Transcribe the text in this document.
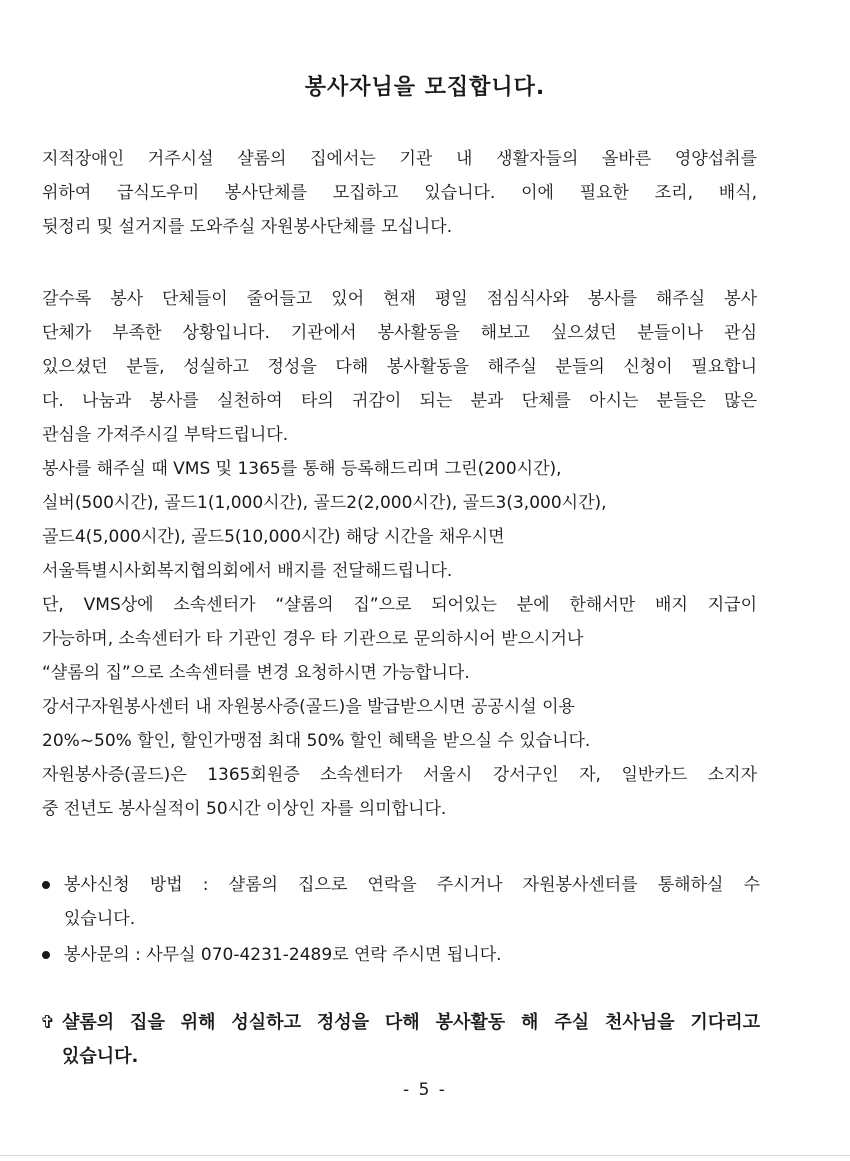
봉사자님을 모집합니다.

지적장애인 거주시설 샬롬의 집에서는 기관 내 생활자들의 올바른 영양섭취를
위하여 급식도우미 봉사단체를 모집하고 있습니다. 이에 필요한 조리, 배식,
뒷정리 및 설거지를 도와주실 자원봉사단체를 모십니다.

갈수록 봉사 단체들이 줄어들고 있어 현재 평일 점심식사와 봉사를 해주실 봉사
단체가 부족한 상황입니다. 기관에서 봉사활동을 해보고 싶으셨던 분들이나 관심
있으셨던 분들, 성실하고 정성을 다해 봉사활동을 해주실 분들의 신청이 필요합니
다. 나눔과 봉사를 실천하여 타의 귀감이 되는 분과 단체를 아시는 분들은 많은
관심을 가져주시길 부탁드립니다.
봉사를 해주실 때 VMS 및 1365를 통해 등록해드리며 그린(200시간),
실버(500시간), 골드1(1,000시간), 골드2(2,000시간), 골드3(3,000시간),
골드4(5,000시간), 골드5(10,000시간) 해당 시간을 채우시면
서울특별시사회복지협의회에서 배지를 전달해드립니다.
단, VMS상에 소속센터가 “샬롬의 집”으로 되어있는 분에 한해서만 배지 지급이
가능하며, 소속센터가 타 기관인 경우 타 기관으로 문의하시어 받으시거나
“샬롬의 집”으로 소속센터를 변경 요청하시면 가능합니다.
강서구자원봉사센터 내 자원봉사증(골드)을 발급받으시면 공공시설 이용
20%~50% 할인, 할인가맹점 최대 50% 할인 혜택을 받으실 수 있습니다.
자원봉사증(골드)은 1365회원증 소속센터가 서울시 강서구인 자, 일반카드 소지자
중 전년도 봉사실적이 50시간 이상인 자를 의미합니다.

봉사신청 방법 : 샬롬의 집으로 연락을 주시거나 자원봉사센터를 통해하실 수
있습니다.
봉사문의 : 사무실 070-4231-2489로 연락 주시면 됩니다.
✞ 샬롬의 집을 위해 성실하고 정성을 다해 봉사활동 해 주실 천사님을 기다리고
있습니다.
- 5 -
